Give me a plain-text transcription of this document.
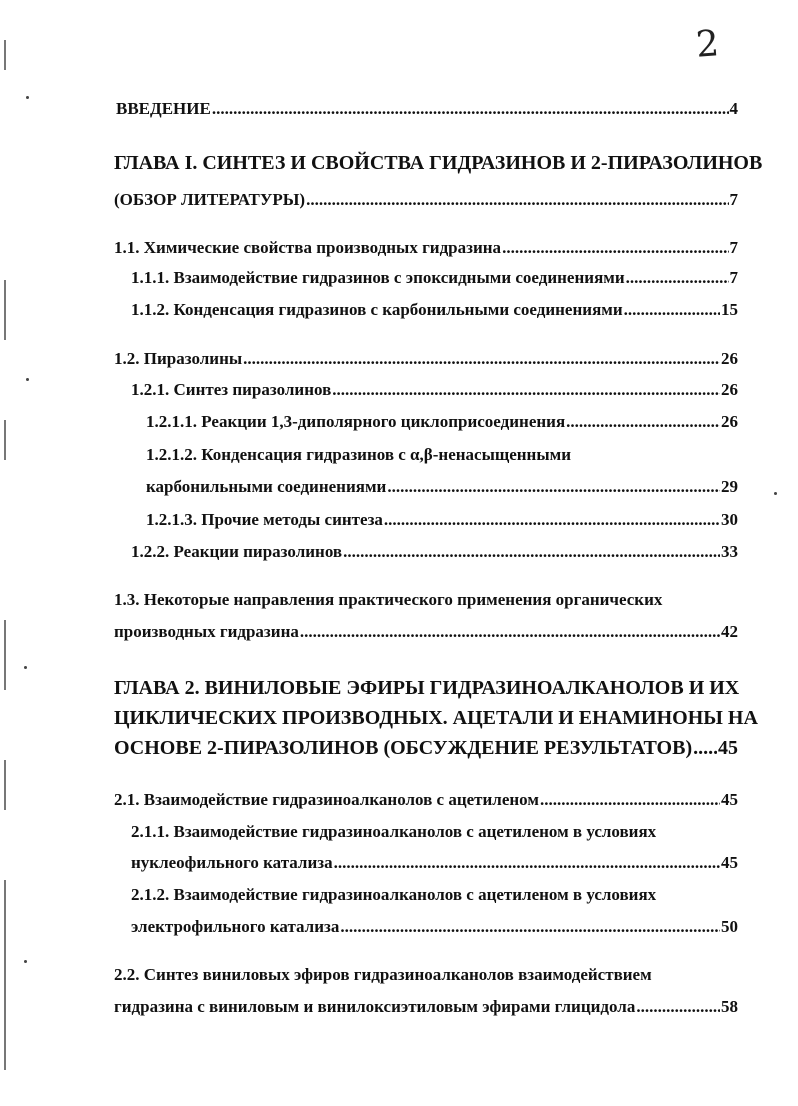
2
ВВЕДЕНИЕ .....	4
ГЛАВА I. СИНТЕЗ И СВОЙСТВА ГИДРАЗИНОВ И 2-ПИРАЗОЛИНОВ
(ОБЗОР ЛИТЕРАТУРЫ) .....	7
1.1. Химические свойства производных гидразина .....	7
1.1.1. Взаимодействие гидразинов с эпоксидными соединениями .....	7
1.1.2. Конденсация гидразинов с карбонильными соединениями .....	15
1.2. Пиразолины .....	26
1.2.1. Синтез пиразолинов .....	26
1.2.1.1. Реакции 1,3-диполярного циклоприсоединения .....	26
1.2.1.2. Конденсация гидразинов с α,β-ненасыщенными
карбонильными соединениями .....	29
1.2.1.3. Прочие методы синтеза .....	30
1.2.2. Реакции пиразолинов .....	33
1.3. Некоторые направления практического применения органических
производных гидразина .....	42
ГЛАВА 2. ВИНИЛОВЫЕ ЭФИРЫ ГИДРАЗИНОАЛКАНОЛОВ И ИХ
ЦИКЛИЧЕСКИХ ПРОИЗВОДНЫХ. АЦЕТАЛИ И ЕНАМИНОНЫ НА
ОСНОВЕ 2-ПИРАЗОЛИНОВ (ОБСУЖДЕНИЕ РЕЗУЛЬТАТОВ) ..... 45
2.1. Взаимодействие гидразиноалканолов с ацетиленом .....	45
2.1.1. Взаимодействие гидразиноалканолов с ацетиленом в условиях
нуклеофильного катализа .....	45
2.1.2. Взаимодействие гидразиноалканолов с ацетиленом в условиях
электрофильного катализа .....	50
2.2. Синтез виниловых эфиров гидразиноалканолов взаимодействием
гидразина с виниловым и винилоксиэтиловым эфирами глицидола .....	58
